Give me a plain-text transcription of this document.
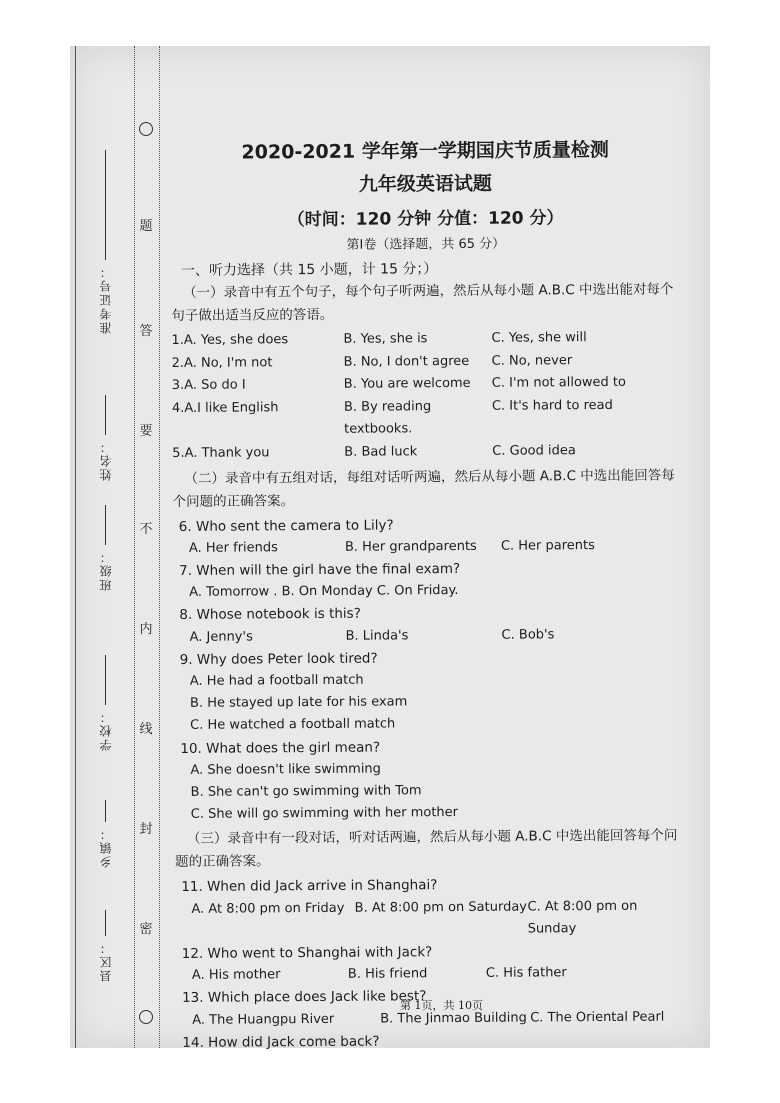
题
答
要
不
内
线
封
密
准考证号：
姓名：
班级：
学校：
乡镇：
县区：
2020-2021 学年第一学期国庆节质量检测
九年级英语试题
（时间：120 分钟 分值：120 分）
第Ⅰ卷（选择题，共 65 分）
一、听力选择（共 15 小题，计 15 分；）
（一）录音中有五个句子，每个句子听两遍，然后从每小题 A.B.C 中选出能对每个句子做出适当反应的答语。
1.A. Yes, she does	B. Yes, she is	C. Yes, she will
2.A. No, I'm not	B. No, I don't agree	C. No, never
3.A. So do I	B. You are welcome	C. I'm not allowed to
4.A.I like English	B. By reading textbooks.
C. It's hard to read
5.A. Thank you	B. Bad luck	C. Good idea
（二）录音中有五组对话，每组对话听两遍，然后从每小题 A.B.C 中选出能回答每个问题的正确答案。
6. Who sent the camera to Lily?
A. Her friends	B. Her grandparents	C. Her parents
7. When will the girl have the final exam?
A. Tomorrow . B. On Monday C. On Friday.
8. Whose notebook is this?
A. Jenny's	B. Linda's	C. Bob's
9. Why does Peter look tired?
A. He had a football match
B. He stayed up late for his exam
C. He watched a football match
10. What does the girl mean?
A. She doesn't like swimming
B. She can't go swimming with Tom
C. She will go swimming with her mother
（三）录音中有一段对话，听对话两遍，然后从每小题 A.B.C 中选出能回答每个问题的正确答案。
11. When did Jack arrive in Shanghai?
A. At 8:00 pm on Friday B. At 8:00 pm on Saturday C. At 8:00 pm on Sunday
12. Who went to Shanghai with Jack?
A. His mother	B. His friend	C. His father
13. Which place does Jack like best?
A. The Huangpu River	B. The Jinmao Building C. The Oriental Pearl
14. How did Jack come back?
第 1页，共 10页
